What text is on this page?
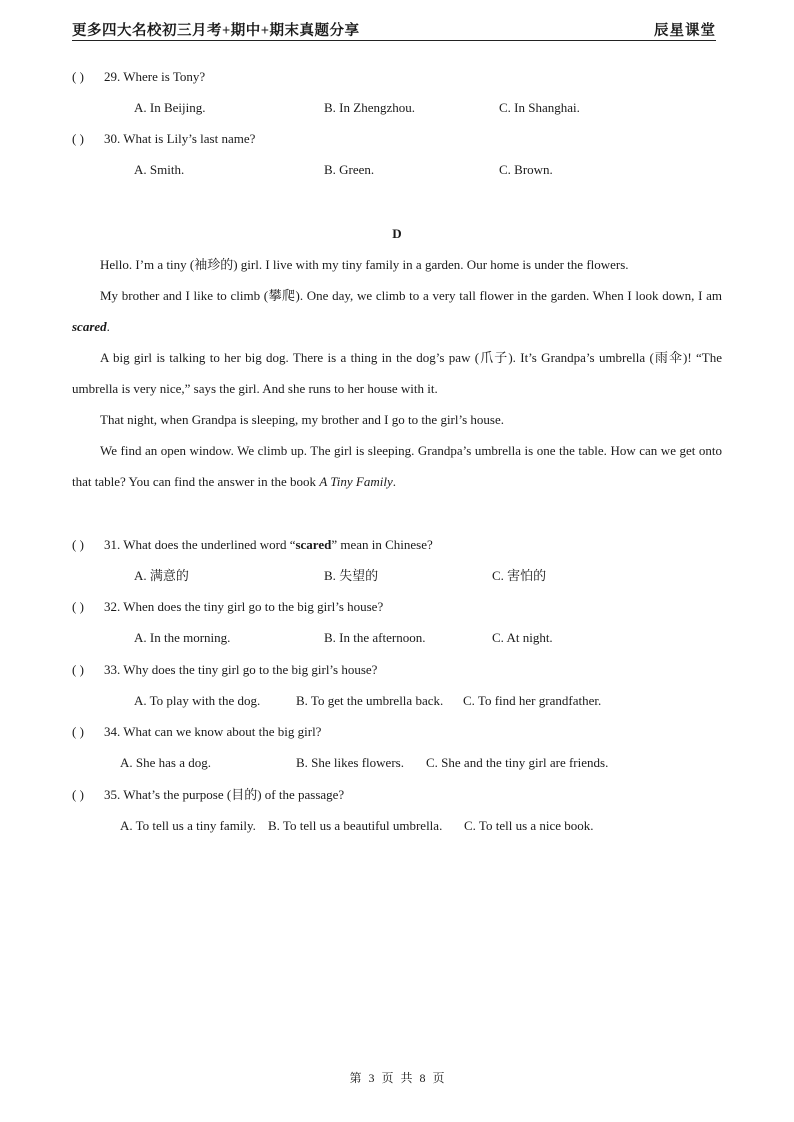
更多四大名校初三月考+期中+期末真题分享	辰星课堂
( ) 29. Where is Tony?
A. In Beijing.	B. In Zhengzhou.	C. In Shanghai.
( ) 30. What is Lily’s last name?
A. Smith.	B. Green.	C. Brown.
D

Hello. I’m a tiny (袖珍的) girl. I live with my tiny family in a garden. Our home is under the flowers.

My brother and I like to climb (攀爬). One day, we climb to a very tall flower in the garden. When I look down, I am scared.

A big girl is talking to her big dog. There is a thing in the dog’s paw (爪子). It’s Grandpa’s umbrella (雨伞)! “The umbrella is very nice,” says the girl. And she runs to her house with it.

That night, when Grandpa is sleeping, my brother and I go to the girl’s house.

We find an open window. We climb up. The girl is sleeping. Grandpa’s umbrella is one the table. How can we get onto that table? You can find the answer in the book A Tiny Family.

( ) 31. What does the underlined word “scared” mean in Chinese?
A. 满意的	B. 失望的	C. 害怕的
( ) 32. When does the tiny girl go to the big girl’s house?
A. In the morning.	B. In the afternoon.	C. At night.
( ) 33. Why does the tiny girl go to the big girl’s house?
A. To play with the dog.	B. To get the umbrella back. C. To find her grandfather.
( ) 34. What can we know about the big girl?
A. She has a dog.	B. She likes flowers. C. She and the tiny girl are friends.
( ) 35. What’s the purpose (目的) of the passage?
A. To tell us a tiny family. B. To tell us a beautiful umbrella. C. To tell us a nice book.
第 3 页 共 8 页
